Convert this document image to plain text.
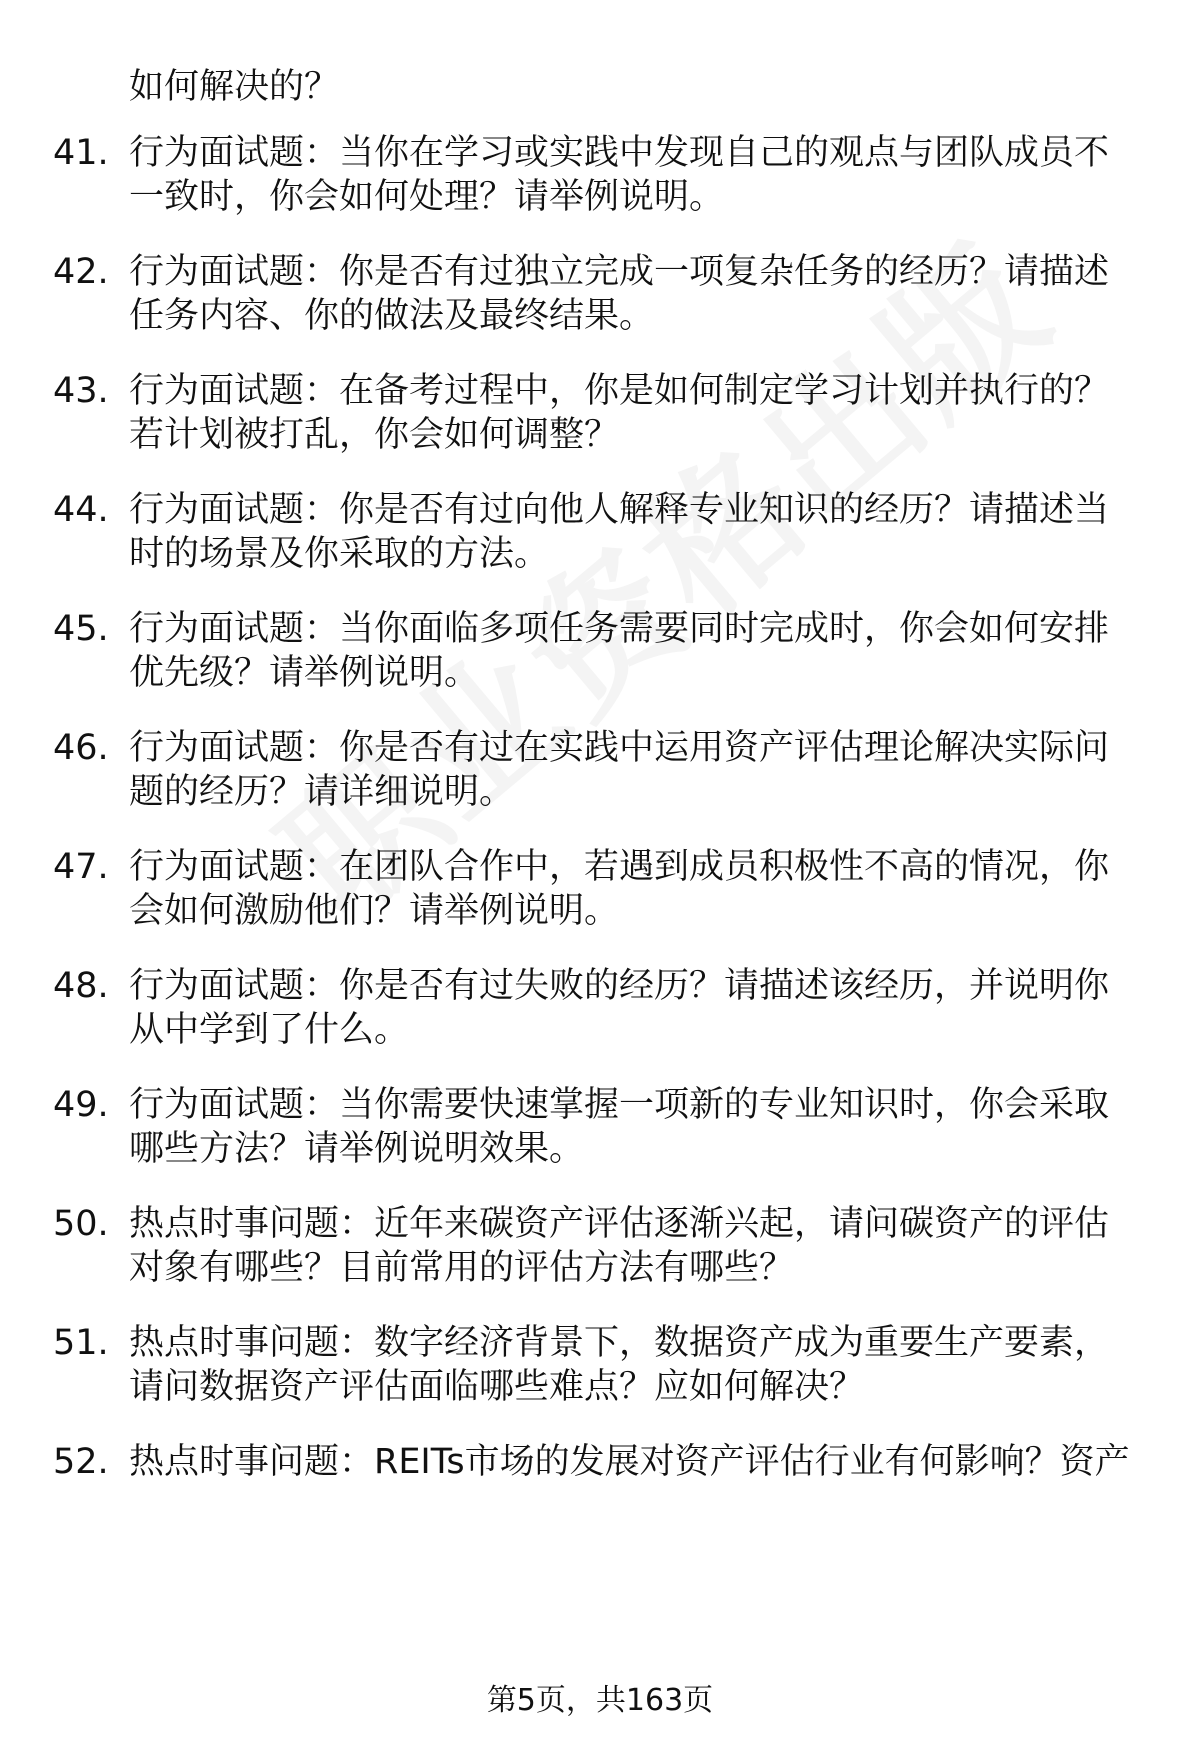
如何解决的？
41. 行为面试题：当你在学习或实践中发现自己的观点与团队成员不
一致时，你会如何处理？请举例说明。
42. 行为面试题：你是否有过独立完成一项复杂任务的经历？请描述
任务内容、你的做法及最终结果。
43. 行为面试题：在备考过程中，你是如何制定学习计划并执行的？
若计划被打乱，你会如何调整？
44. 行为面试题：你是否有过向他人解释专业知识的经历？请描述当
时的场景及你采取的方法。
45. 行为面试题：当你面临多项任务需要同时完成时，你会如何安排
优先级？请举例说明。
46. 行为面试题：你是否有过在实践中运用资产评估理论解决实际问
题的经历？请详细说明。
47. 行为面试题：在团队合作中，若遇到成员积极性不高的情况，你
会如何激励他们？请举例说明。
48. 行为面试题：你是否有过失败的经历？请描述该经历，并说明你
从中学到了什么。
49. 行为面试题：当你需要快速掌握一项新的专业知识时，你会采取
哪些方法？请举例说明效果。
50. 热点时事问题：近年来碳资产评估逐渐兴起，请问碳资产的评估
对象有哪些？目前常用的评估方法有哪些？
51. 热点时事问题：数字经济背景下，数据资产成为重要生产要素，
请问数据资产评估面临哪些难点？应如何解决？
52. 热点时事问题：REITs市场的发展对资产评估行业有何影响？资产
第5页，共163页
